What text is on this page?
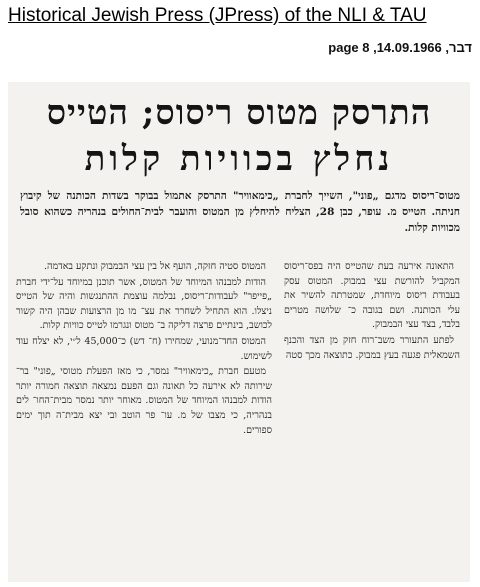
Historical Jewish Press (JPress) of the NLI & TAU
דבר, 14.09.1966, page 8
התרסק מטוס ריסוס; הטייס
נחלץ בכוויות קלות

מטוס־ריסוס מדגם „פוני", השייך לחברת „כימאוויר" התרסק אתמול בבוקר בשדות הכותנה של קיבוץ חניתה. הטייס מ. עופר, כבן 28, הצליח להיחלץ מן המטוס והועבר לבית־החולים בנהריה כשהוא סובל מכוויות קלות.

התאונה אירעה בעת שהטייס היה בפס־ריסוס המקביל להורשת עצי במבוק. המטוס עסק בעבודת ריסוס מיוחדת, שמטרתה להשיר את עלי הכותנה. ושם בגובה כ־ שלושה מטרים בלבד, בצד עצי הבמבוק.

לפתע התעורר משב־רוח חזק מן הצד והכנף השמאלית פגעה בעץ במבוק. כתוצאה מכך סטה

המטוס סטיה חזקה, הועף אל בין עצי הבמבוק ונתקע באדמה.

הודות למבנהו המיוחד של המטוס, אשר תוכנן במיוחד על־ידי חברת „פייפר" לעבודות־ריסוס, נבלמה עוצמת ההתנגשות והיה של הטייס ניצלו. הוא התחיל לשחרר את עצ־ מו מן הרצועות שבהן היה קשור לכושב, בינתיים פרצה דליקה ב־ מטוס ונגרמו לטייס כוויות קלות.

המטוס החד־מנועי, שמחירו (ח־ דש) כ־45,000 ל״י, לא יצלח עוד לשימוש.

מטעם חברת „כימאוויר" נמסר, כי מאז הפעלת מטוסי „פוני" בר־ שירותה לא אירעה כל תאונה וגם הפעם נמצאה תוצאה חמורה יותר הודות למבנהו המיוחד של המטוס. מאוחר יותר נמסר מבית־החו־ לים בנהריה, כי מצבו של מ. עו־ פר הוטב ובי יצא מבית־ה תוך ימים ספורים.
